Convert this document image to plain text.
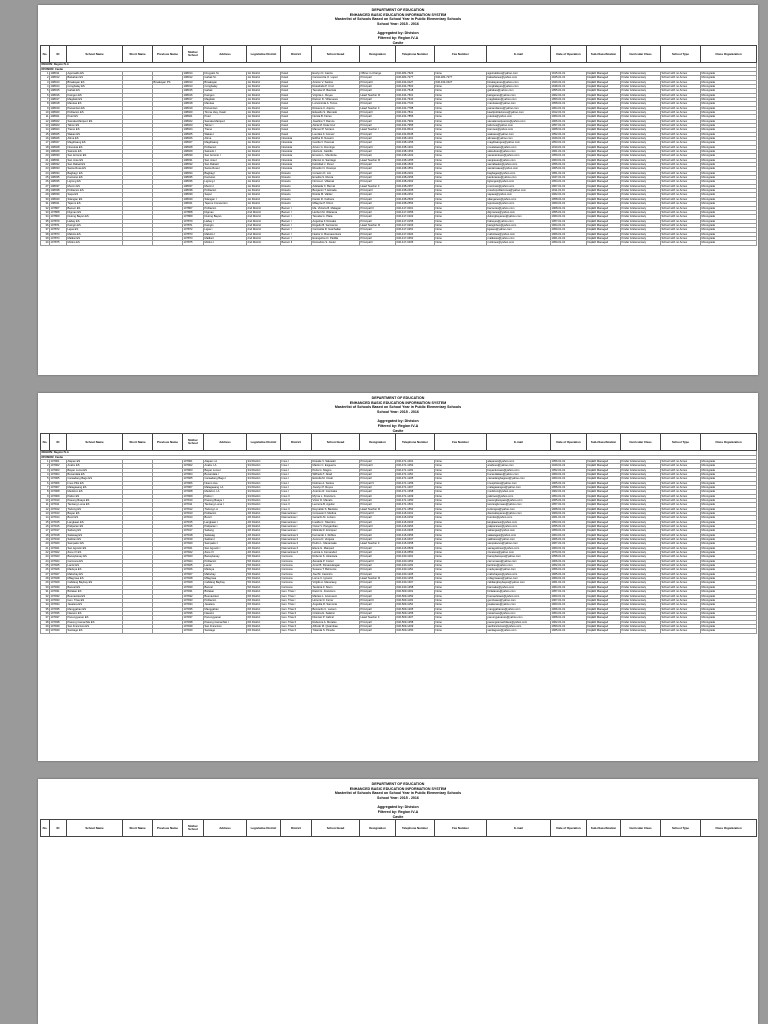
DEPARTMENT OF EDUCATION
ENHANCED BASIC EDUCATION INFORMATION SYSTEM
Masterlist of Schools Based on School Year in Public Elementary Schools
School Year: 2015 - 2016
Aggregated by: Division
Filtered by: Region IV-A
Cavite
No.	ID	School Name	Short Name	Previous Name	Mother School	Address	Legislative District	District	School Head	Designation	Telephone Number	Fax Number	E-mail	Date of Operation	Sub-Classification	Curricular Class	School Type	Class Organization
REGION: Region IV-A																		
DIVISION: Cavite																		
1	108011	Aguinaldo ES			108014	Dreypalo St.	1st District	Kawit	Evelyn N. Garcia	Officer-in-Charge	046-484-7623	None	aguinaldoes@yahoo.com	1915-01-01	DepED Managed	Kinder & Elementary	School with no Annex	Monograde
2	108012	Balsahan ES			108012	Gahak St.	1st District	Kawit	Carmencita O. Lopez	Principal I	046-484-7277	046-484-7277	balsahanes@yahoo.com	1945-01-01	DepED Managed	Kinder & Elementary	School with no Annex	Monograde
3	108013	Binakayan ES		Binakayan PS	108013	Binakayan	1st District	Kawit	Ariston V. Santos	Principal II	046-434-0427	046-434-0427	binakayanes@yahoo.com	1940-01-01	DepED Managed	Kinder & Elementary	School with no Annex	Monograde
4	108014	Congbalay ES			108014	Congbalay	1st District	Kawit	Rosalinda P. Cruz	Principal I	046-434-7502	None	congbalayes@yahoo.com	1948-01-01	DepED Managed	Kinder & Elementary	School with no Annex	Monograde
5	108015	Gahak ES			108015	Gahak	1st District	Kawit	Teresita M. Bautista	Principal I	046-434-7518	None	gahakes@yahoo.com	1955-01-01	DepED Managed	Kinder & Elementary	School with no Annex	Monograde
6	108016	Kaingen ES			108016	Kaingen	1st District	Kawit	Virginia L. Reyes	Head Teacher III	046-434-7601	None	kaingenes@yahoo.com	1962-01-01	DepED Managed	Kinder & Elementary	School with no Annex	Monograde
7	108017	Magdalo ES			108017	Magdalo	1st District	Kawit	Ramon D. Villanueva	Principal I	046-434-7644	None	magdaloes@yahoo.com	1950-01-01	DepED Managed	Kinder & Elementary	School with no Annex	Monograde
8	108018	Marulas ES			108018	Marulas	1st District	Kawit	Luzviminda A. Torres	Principal I	046-434-7720	None	marulases@yahoo.com	1958-01-01	DepED Managed	Kinder & Elementary	School with no Annex	Monograde
9	108019	Panamitan ES			108019	Panamitan	1st District	Kawit	Rowena C. Aquino	Head Teacher II	046-434-7788	None	panamitanes@yahoo.com	1964-01-01	DepED Managed	Kinder & Elementary	School with no Annex	Monograde
10	108020	Poblacion ES			108020	Tirona Hwy, Kawit	1st District	Kawit	Eduardo S. Mercado	Principal II	046-434-7811	None	kawitpoblaciones@yahoo.com	1912-01-01	DepED Managed	Kinder & Elementary	School with no Annex	Monograde
11	108021	Putol ES			108021	Putol	1st District	Kawit	Nenita B. Flores	Principal I	046-434-7856	None	putoles@yahoo.com	1960-01-01	DepED Managed	Kinder & Elementary	School with no Annex	Monograde
12	108022	Samala-Marquez ES			108022	Samala-Marquez	1st District	Kawit	Josefina T. Ramos	Principal I	046-434-7902	None	samalamarquezes@yahoo.com	1966-01-01	DepED Managed	Kinder & Elementary	School with no Annex	Monograde
13	108023	Tabon ES			108023	Tabon I	1st District	Kawit	Alicia M. Dela Cruz	Principal I	046-434-7955	None	tabones@yahoo.com	1957-01-01	DepED Managed	Kinder & Elementary	School with no Annex	Monograde
14	108024	Tramo ES			108024	Tramo	1st District	Kawit	Manuel P. Soriano	Head Teacher I	046-434-8012	None	tramoes@yahoo.com	1968-01-01	DepED Managed	Kinder & Elementary	School with no Annex	Monograde
15	108025	Wakas ES			108025	Wakas I	1st District	Kawit	Lourdes F. Gomez	Principal I	046-434-8045	None	wakases@yahoo.com	1952-01-01	DepED Managed	Kinder & Elementary	School with no Annex	Monograde
16	108026	Alima ES			108026	Alima	1st District	Noveleta	Editha R. Navarro	Principal I	046-438-1201	None	alimaes@yahoo.com	1949-01-01	DepED Managed	Kinder & Elementary	School with no Annex	Monograde
17	108027	Magdiwang ES			108027	Magdiwang	1st District	Noveleta	Cecilia V. Pascual	Principal I	046-438-1256	None	magdiwanges@yahoo.com	1953-01-01	DepED Managed	Kinder & Elementary	School with no Annex	Monograde
18	108028	Noveleta ES			108028	Poblacion	1st District	Noveleta	Arturo G. Domingo	Principal II	046-438-1301	None	noveletaes@yahoo.com	1910-01-01	DepED Managed	Kinder & Elementary	School with no Annex	Monograde
19	108029	Salcedo ES			108029	Salcedo I	1st District	Noveleta	Gloria E. Castillo	Principal I	046-438-1354	None	salcedoes@yahoo.com	1961-01-01	DepED Managed	Kinder & Elementary	School with no Annex	Monograde
20	108030	San Antonio ES			108030	San Antonio I	1st District	Noveleta	Ernesto L. Mendoza	Principal I	046-438-1402	None	sanantonioes@yahoo.com	1959-01-01	DepED Managed	Kinder & Elementary	School with no Annex	Monograde
21	108031	San Jose ES			108031	San Jose I	1st District	Noveleta	Maricel H. Santiago	Head Teacher III	046-438-1455	None	sanjosees@yahoo.com	1963-01-01	DepED Managed	Kinder & Elementary	School with no Annex	Monograde
22	108032	San Rafael ES			108032	San Rafael I	1st District	Noveleta	Felicidad J. Perez	Principal I	046-438-1503	None	sanrafaeles@yahoo.com	1956-01-01	DepED Managed	Kinder & Elementary	School with no Annex	Monograde
23	108033	Santa Rosa ES			108033	Santa Rosa I	1st District	Noveleta	Ricardo N. Ocampo	Principal I	046-438-1551	None	santarosaes@yahoo.com	1965-01-01	DepED Managed	Kinder & Elementary	School with no Annex	Monograde
24	108034	Bagbag I ES			108034	Bagbag I	1st District	Rosario	Corazon D. Lim	Principal I	046-438-2201	None	bagbages@yahoo.com	1951-01-01	DepED Managed	Kinder & Elementary	School with no Annex	Monograde
25	108035	Kanluran ES			108035	Kanluran	1st District	Rosario	Emelita S. Rivera	Principal I	046-438-2256	None	kanluranes@yahoo.com	1947-01-01	DepED Managed	Kinder & Elementary	School with no Annex	Monograde
26	108036	Ligtong ES			108036	Ligtong I	1st District	Rosario	Norma A. Villareal	Principal I	046-438-2302	None	ligtonges@yahoo.com	1954-01-01	DepED Managed	Kinder & Elementary	School with no Annex	Monograde
27	108037	Muzon ES			108037	Muzon I	1st District	Rosario	Adelaida C. Bernal	Head Teacher II	046-438-2357	None	muzones@yahoo.com	1967-01-01	DepED Managed	Kinder & Elementary	School with no Annex	Monograde
28	108038	Poblacion ES			108038	Poblacion	1st District	Rosario	Benjamin T. Estrada	Principal II	046-438-2405	None	rosariopoblaciones@yahoo.com	1911-01-01	DepED Managed	Kinder & Elementary	School with no Annex	Monograde
29	108039	Sapa ES			108039	Sapa I	1st District	Rosario	Rosita M. Valdez	Principal I	046-438-2451	None	sapaes@yahoo.com	1962-01-01	DepED Managed	Kinder & Elementary	School with no Annex	Monograde
30	108040	Silangan ES			108040	Silangan I	1st District	Rosario	Danilo R. Cabrera	Principal I	046-438-2503	None	silanganes@yahoo.com	1958-01-01	DepED Managed	Kinder & Elementary	School with no Annex	Monograde
31	108041	Tejeros ES			108041	Tejeros Convention	1st District	Rosario	Milagros P. Dizon	Principal I	046-438-2554	None	tejeroses@yahoo.com	1969-01-01	DepED Managed	Kinder & Elementary	School with no Annex	Monograde
32	107867	Bacoor ES			107867	Poblacion	2nd District	Bacoor I	Ma. Victoria B. Malagan	Principal III	046-417-0001	None	bacoores@yahoo.com	1908-01-01	DepED Managed	Kinder & Elementary	School with no Annex	Monograde
33	107868	Digman ES			107868	Digman	2nd District	Bacoor I	Herbert M. Villarama	Principal I	046-417-0056	None	digmanes@yahoo.com	1955-01-01	DepED Managed	Kinder & Elementary	School with no Annex	Monograde
34	107869	Dulong Bayan ES			107869	Dulong Bayan	2nd District	Bacoor I	Teresita G. Plata	Principal I	046-417-0102	None	dulongbayanes@yahoo.com	1960-01-01	DepED Managed	Kinder & Elementary	School with no Annex	Monograde
35	107870	Habay ES			107870	Habay I	2nd District	Bacoor I	Angelina F. Rosales	Principal I	046-417-0155	None	habayes@yahoo.com	1957-01-01	DepED Managed	Kinder & Elementary	School with no Annex	Monograde
36	107871	Kaingin ES			107871	Kaingin	2nd District	Bacoor I	Rogelio B. Sarmiento	Head Teacher III	046-417-0203	None	kainginbes@yahoo.com	1964-01-01	DepED Managed	Kinder & Elementary	School with no Annex	Monograde
37	107872	Ligas ES			107872	Ligas I	2nd District	Bacoor I	Carmelita R. Gatchalian	Principal I	046-417-0251	None	ligases@yahoo.com	1959-01-01	DepED Managed	Kinder & Elementary	School with no Annex	Monograde
38	107873	Mabolo ES			107873	Mabolo I	2nd District	Bacoor I	Nestor A. Buenaventura	Principal I	046-417-0304	None	maboloes@yahoo.com	1966-01-01	DepED Managed	Kinder & Elementary	School with no Annex	Monograde
39	107874	Maliksi ES			107874	Maliksi I	2nd District	Bacoor I	Evangeline D. Padilla	Principal I	046-417-0352	None	maliksies@yahoo.com	1961-01-01	DepED Managed	Kinder & Elementary	School with no Annex	Monograde
40	107875	Molino ES			107875	Molino I	2nd District	Bacoor II	Remedios S. Javier	Principal II	046-417-0405	None	molinoes@yahoo.com	1950-01-01	DepED Managed	Kinder & Elementary	School with no Annex	Monograde
DEPARTMENT OF EDUCATION
ENHANCED BASIC EDUCATION INFORMATION SYSTEM
Masterlist of Schools Based on School Year in Public Elementary Schools
School Year: 2015 - 2016
Aggregated by: Division
Filtered by: Region IV-A
Cavite
No.	ID	School Name	Short Name	Previous Name	Mother School	Address	Legislative District	District	School Head	Designation	Telephone Number	Fax Number	E-mail	Date of Operation	Sub-Classification	Curricular Class	School Type	Class Organization
REGION: Region IV-A																		
DIVISION: Cavite																		
1	107901	Alapan ES			107901	Alapan I-A	3rd District	Imus I	Rosalie V. Salvador	Principal I	046-471-1001	None	alapanes@yahoo.com	1956-01-01	DepED Managed	Kinder & Elementary	School with no Annex	Monograde
2	107902	Anabu ES			107902	Anabu I-A	3rd District	Imus I	Marlon C. Esguerra	Principal II	046-471-1052	None	anabues@yahoo.com	1949-01-01	DepED Managed	Kinder & Elementary	School with no Annex	Monograde
3	107903	Bayan Luma ES			107903	Bayan Luma I	3rd District	Imus I	Perla G. Magno	Principal I	046-471-1103	None	bayanlumaes@yahoo.com	1952-01-01	DepED Managed	Kinder & Elementary	School with no Annex	Monograde
4	107904	Bucandala ES			107904	Bucandala I	3rd District	Imus I	Wilfredo T. Abad	Principal I	046-471-1154	None	bucandalaes@yahoo.com	1960-01-01	DepED Managed	Kinder & Elementary	School with no Annex	Monograde
5	107905	Carsadang Bago ES			107905	Carsadang Bago I	3rd District	Imus I	Estrella M. Umali	Principal I	046-471-1205	None	carsadangbagoes@yahoo.com	1963-01-01	DepED Managed	Kinder & Elementary	School with no Annex	Monograde
6	107906	Imus Pilot ES			107906	Nueno Ave.	3rd District	Imus I	Dolores A. Santos	Principal IV	046-471-1256	None	imuspilotes@yahoo.com	1905-01-01	DepED Managed	Kinder & Elementary	School with no Annex	Monograde
7	107907	Malagasang ES			107907	Malagasang I-A	3rd District	Imus I	Jocelyn P. Reyes	Principal I	046-471-1307	None	malagasanges@yahoo.com	1958-01-01	DepED Managed	Kinder & Elementary	School with no Annex	Monograde
8	107908	Medicion ES			107908	Medicion I-A	3rd District	Imus I	Antonio R. Gonzales	Principal I	046-471-1358	None	medicion@yahoo.com	1962-01-01	DepED Managed	Kinder & Elementary	School with no Annex	Monograde
9	107909	Palico ES			107909	Palico I	3rd District	Imus II	Myrna L. Francisco	Principal I	046-471-1409	None	palicoes@yahoo.com	1954-01-01	DepED Managed	Kinder & Elementary	School with no Annex	Monograde
10	107910	Pasong Buaya ES			107910	Pasong Buaya I	3rd District	Imus II	Victor D. Manalo	Principal I	046-471-1450	None	pasongbuayaes@yahoo.com	1965-01-01	DepED Managed	Kinder & Elementary	School with no Annex	Monograde
11	107911	Tanzang Luma ES			107911	Tanzang Luma I	3rd District	Imus II	Leonora B. Aguilar	Principal I	046-471-1501	None	tanzanglumaes@yahoo.com	1957-01-01	DepED Managed	Kinder & Elementary	School with no Annex	Monograde
12	107912	Toclong ES			107912	Toclong I-A	3rd District	Imus II	Reynaldo S. Bautista	Head Teacher III	046-471-1552	None	toclonges@yahoo.com	1968-01-01	DepED Managed	Kinder & Elementary	School with no Annex	Monograde
13	107913	Bayan ES			107913	Poblacion	4th District	Dasmarinas I	Consuelo F. Medina	Principal III	046-416-0101	None	dasmabayanes@yahoo.com	1909-01-01	DepED Managed	Kinder & Elementary	School with no Annex	Monograde
14	107914	Burol ES			107914	Burol I	4th District	Dasmarinas I	Gerardo M. Lozano	Principal I	046-416-0152	None	buroles@yahoo.com	1961-01-01	DepED Managed	Kinder & Elementary	School with no Annex	Monograde
15	107915	Langkaan ES			107915	Langkaan I	4th District	Dasmarinas I	Imelda C. Tolentino	Principal I	046-416-0203	None	langkaanes@yahoo.com	1953-01-01	DepED Managed	Kinder & Elementary	School with no Annex	Monograde
16	107916	Paliparan ES			107916	Paliparan I	4th District	Dasmarinas I	Oscar V. Panganiban	Principal II	046-416-0254	None	paliparanes@yahoo.com	1955-01-01	DepED Managed	Kinder & Elementary	School with no Annex	Monograde
17	107917	Sabang ES			107917	Sabang	4th District	Dasmarinas I	Melinda R. Enriquez	Principal I	046-416-0305	None	sabanges@yahoo.com	1959-01-01	DepED Managed	Kinder & Elementary	School with no Annex	Monograde
18	107918	Salawag ES			107918	Salawag	4th District	Dasmarinas II	Fernando J. Robles	Principal I	046-416-0356	None	salawages@yahoo.com	1964-01-01	DepED Managed	Kinder & Elementary	School with no Annex	Monograde
19	107919	Salitran ES			107919	Salitran I	4th District	Dasmarinas II	Aurora D. Vergara	Principal I	046-416-0407	None	salitranes@yahoo.com	1966-01-01	DepED Managed	Kinder & Elementary	School with no Annex	Monograde
20	107920	Sampaloc ES			107920	Sampaloc I	4th District	Dasmarinas II	Pedro L. Manansala	Head Teacher II	046-416-0458	None	sampaloces@yahoo.com	1967-01-01	DepED Managed	Kinder & Elementary	School with no Annex	Monograde
21	107921	San Agustin ES			107921	San Agustin I	4th District	Dasmarinas II	Elena G. Marquez	Principal I	046-416-0509	None	sanagustines@yahoo.com	1960-01-01	DepED Managed	Kinder & Elementary	School with no Annex	Monograde
22	107922	Zone IV ES			107922	Zone IV	4th District	Dasmarinas II	Leticia A. Fernandez	Principal I	046-416-0550	None	zoneives@yahoo.com	1970-01-01	DepED Managed	Kinder & Elementary	School with no Annex	Monograde
23	107923	Banaybanay ES			107923	Banaybanay	5th District	Carmona	Roberto S. Alcantara	Principal I	046-430-1001	None	banaybanayes@yahoo.com	1958-01-01	DepED Managed	Kinder & Elementary	School with no Annex	Monograde
24	107924	Carmona ES			107924	Poblacion	5th District	Carmona	Zenaida P. Cortez	Principal III	046-430-1052	None	carmonaes@yahoo.com	1906-01-01	DepED Managed	Kinder & Elementary	School with no Annex	Monograde
25	107925	Lantic ES			107925	Lantic	5th District	Carmona	Arnel B. Dimaculangan	Principal I	046-430-1103	None	lantices@yahoo.com	1962-01-01	DepED Managed	Kinder & Elementary	School with no Annex	Monograde
26	107926	Maduya ES			107926	Maduya	5th District	Carmona	Susana T. Belmonte	Principal I	046-430-1154	None	maduyaes@yahoo.com	1956-01-01	DepED Managed	Kinder & Elementary	School with no Annex	Monograde
27	107927	Mabuhay ES			107927	Mabuhay	5th District	Carmona	Joel M. Casimiro	Principal I	046-430-1205	None	mabuhayes@yahoo.com	1965-01-01	DepED Managed	Kinder & Elementary	School with no Annex	Monograde
28	107928	Milagrosa ES			107928	Milagrosa	5th District	Carmona	Lorna C. Ignacio	Head Teacher III	046-430-1256	None	milagrosaes@yahoo.com	1969-01-01	DepED Managed	Kinder & Elementary	School with no Annex	Monograde
29	107929	Cabilang Baybay ES			107929	Cabilang Baybay	5th District	Carmona	Virgilio A. Macaraeg	Principal I	046-430-1307	None	cabilangbaybayes@yahoo.com	1961-01-01	DepED Managed	Kinder & Elementary	School with no Annex	Monograde
30	107930	Bancal ES			107930	Bancal	5th District	Carmona	Teodora F. Sison	Principal I	046-430-1358	None	bancales@yahoo.com	1964-01-01	DepED Managed	Kinder & Elementary	School with no Annex	Monograde
31	107931	Biclatan ES			107931	Biclatan	6th District	Gen. Trias I	Ramil G. Francisco	Principal I	046-509-1001	None	biclatanes@yahoo.com	1957-01-01	DepED Managed	Kinder & Elementary	School with no Annex	Monograde
32	107932	Buenavista ES			107932	Buenavista I	6th District	Gen. Trias I	Marites L. Anonuevo	Principal I	046-509-1052	None	buenavistaes@yahoo.com	1960-01-01	DepED Managed	Kinder & Elementary	School with no Annex	Monograde
33	107933	Gen. Trias ES			107933	Poblacion	6th District	Gen. Trias I	Honorio D. Ferrer	Principal III	046-509-1103	None	gentriases@yahoo.com	1907-01-01	DepED Managed	Kinder & Elementary	School with no Annex	Monograde
34	107934	Javalera ES			107934	Javalera	6th District	Gen. Trias I	Angelita R. Samonte	Principal I	046-509-1154	None	javaleraes@yahoo.com	1963-01-01	DepED Managed	Kinder & Elementary	School with no Annex	Monograde
35	107935	Manggahan ES			107935	Manggahan	6th District	Gen. Trias II	Bernardo C. Lacson	Principal I	046-509-1205	None	manggahanes@yahoo.com	1966-01-01	DepED Managed	Kinder & Elementary	School with no Annex	Monograde
36	107936	Navarro ES			107936	Navarro	6th District	Gen. Trias II	Cristina E. Salazar	Principal I	046-509-1256	None	navarroes@yahoo.com	1954-01-01	DepED Managed	Kinder & Elementary	School with no Annex	Monograde
37	107937	Panungyanan ES			107937	Panungyanan	6th District	Gen. Trias II	Dionisio P. Cabral	Head Teacher II	046-509-1307	None	panungyananes@yahoo.com	1968-01-01	DepED Managed	Kinder & Elementary	School with no Annex	Monograde
38	107938	Pasong Camachile ES			107938	Pasong Camachile I	6th District	Gen. Trias II	Rebecca A. Morales	Principal I	046-509-1358	None	pasongcamachilees@yahoo.com	1962-01-01	DepED Managed	Kinder & Elementary	School with no Annex	Monograde
39	107939	San Francisco ES			107939	San Francisco	6th District	Gen. Trias II	Alfredo M. Quiambao	Principal I	046-509-1409	None	sanfranciscoes@yahoo.com	1959-01-01	DepED Managed	Kinder & Elementary	School with no Annex	Monograde
40	107940	Santiago ES			107940	Santiago	6th District	Gen. Trias II	Yolanda S. Pineda	Principal I	046-509-1450	None	santiagoes@yahoo.com	1965-01-01	DepED Managed	Kinder & Elementary	School with no Annex	Monograde
DEPARTMENT OF EDUCATION
ENHANCED BASIC EDUCATION INFORMATION SYSTEM
Masterlist of Schools Based on School Year in Public Elementary Schools
School Year: 2015 - 2016
Aggregated by: Division
Filtered by: Region IV-A
Cavite
No.	ID	School Name	Short Name	Previous Name	Mother School	Address	Legislative District	District	School Head	Designation	Telephone Number	Fax Number	E-mail	Date of Operation	Sub-Classification	Curricular Class	School Type	Class Organization
